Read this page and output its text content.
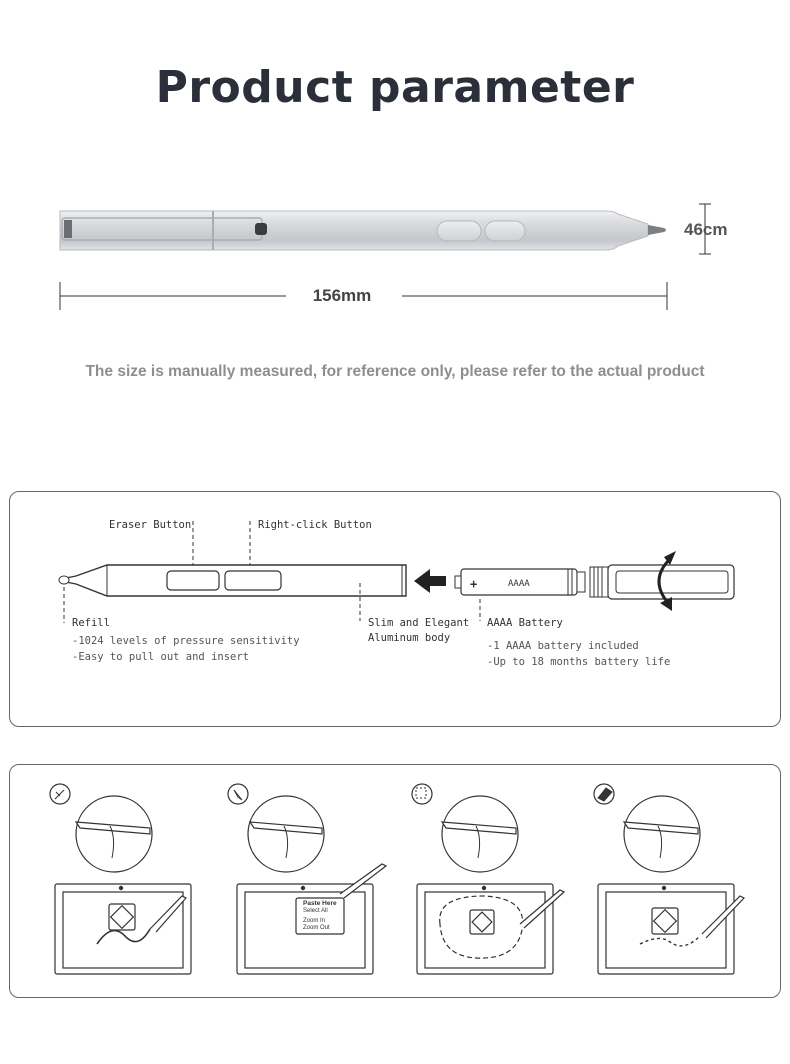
Product parameter
46cm
156mm
The size is manually measured, for reference only, please refer to the actual product
Eraser Button	Right-click Button
AAAA
+
Refill
-1024 levels of pressure sensitivity
-Easy to pull out and insert
Slim and Elegant
Aluminum body
AAAA Battery
-1 AAAA battery included
-Up to 18 months battery life
Paste Here
Select All
Zoom In
Zoom Out
